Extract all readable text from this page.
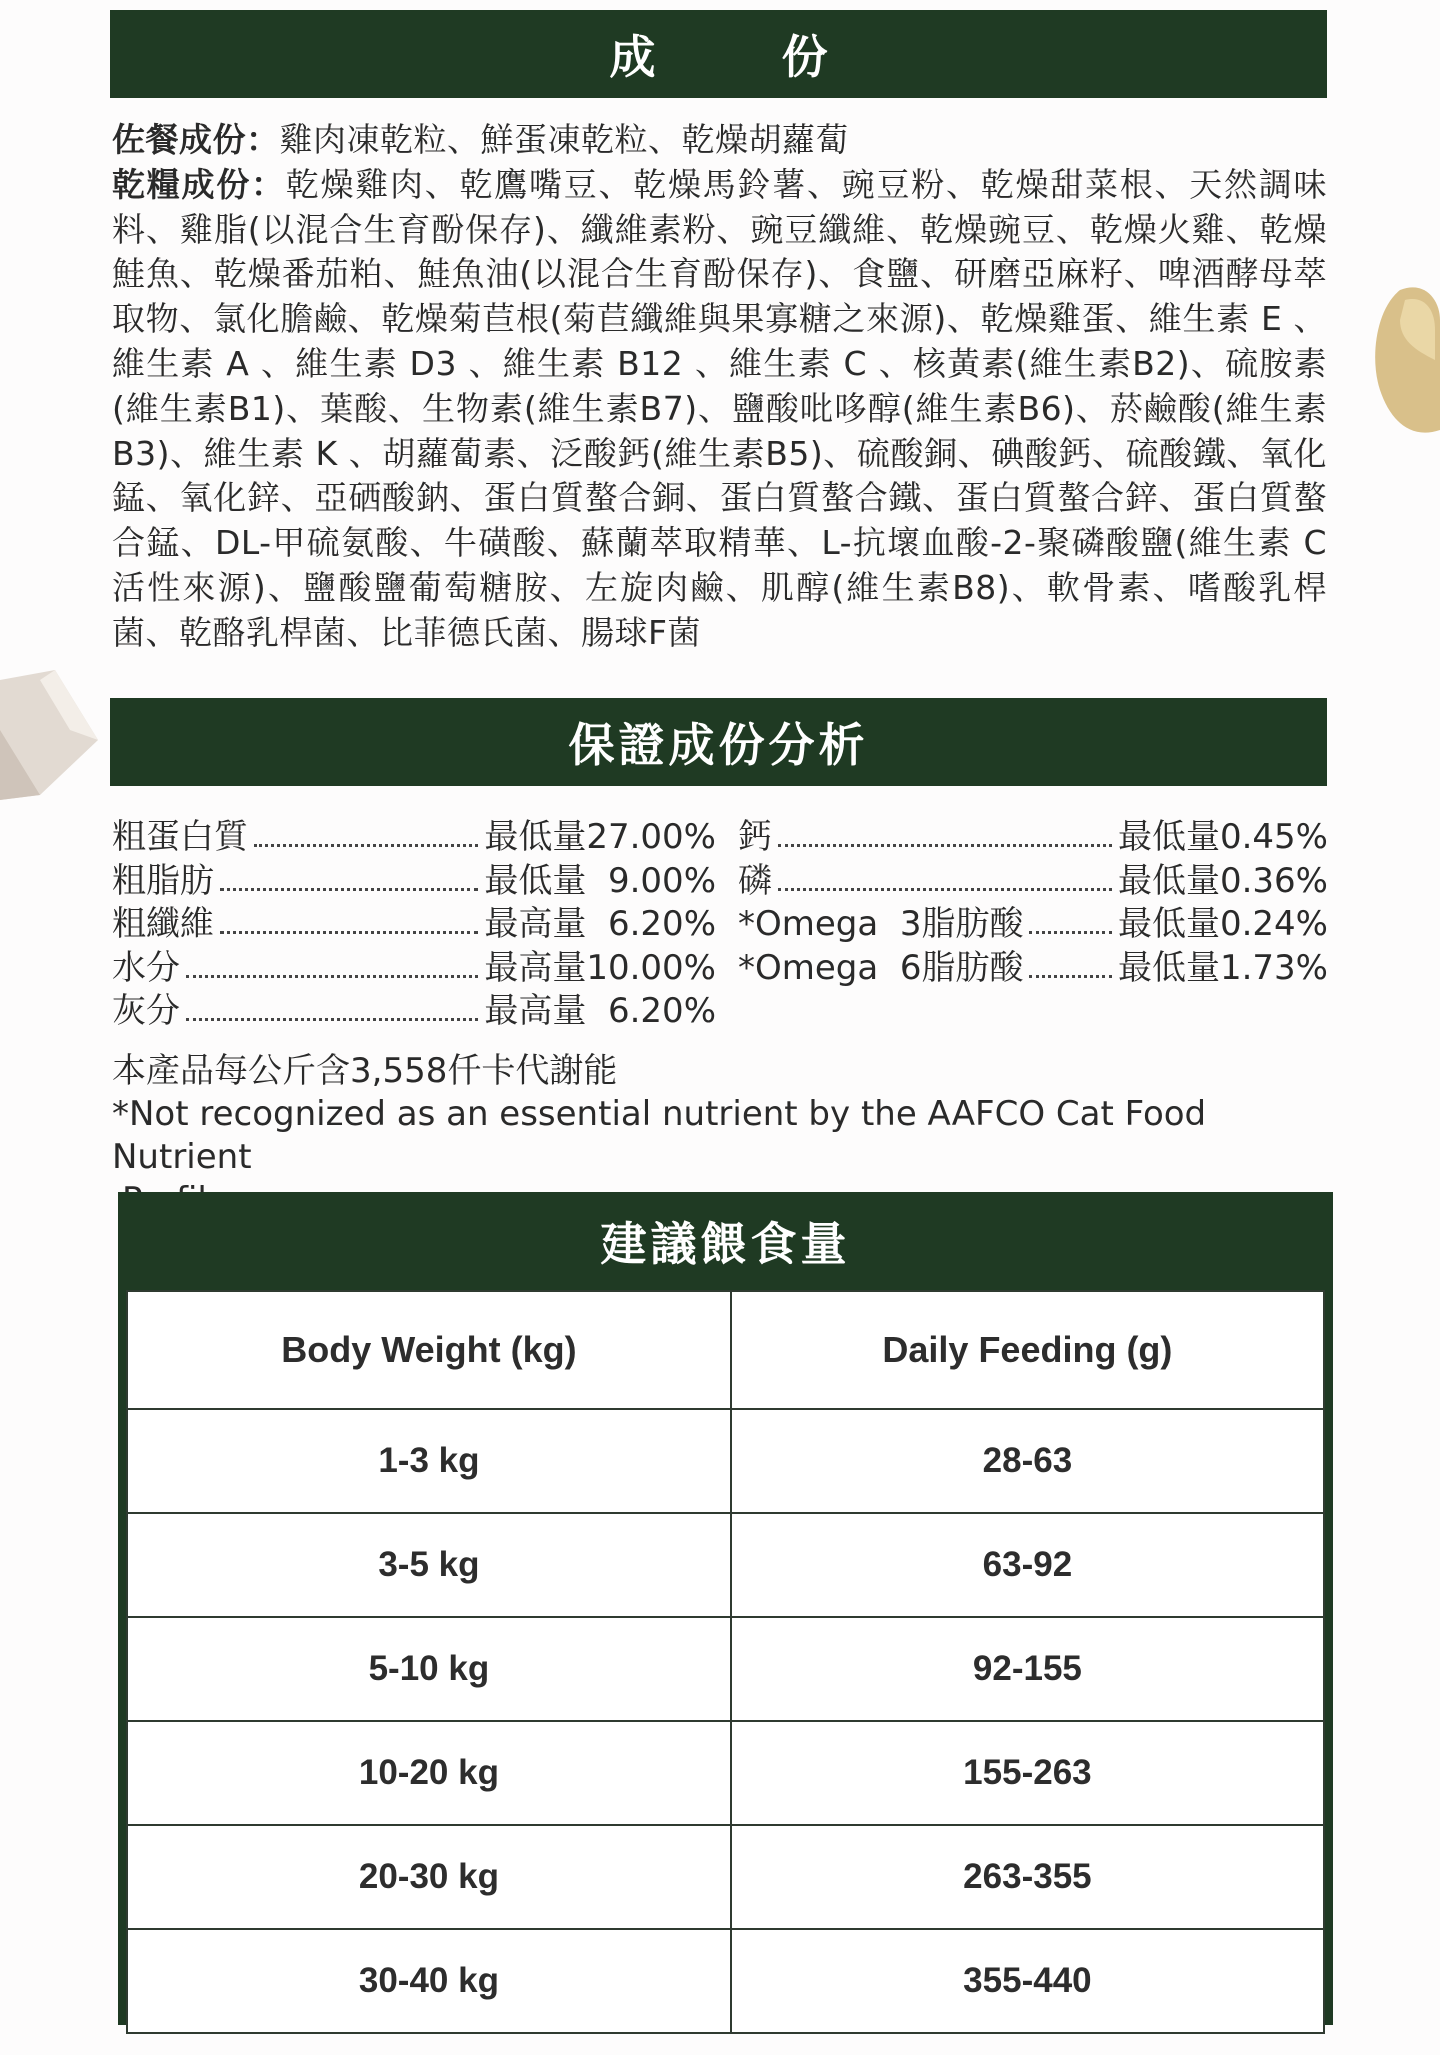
成　份

佐餐成份：雞肉凍乾粒、鮮蛋凍乾粒、乾燥胡蘿蔔

乾糧成份：乾燥雞肉、乾鷹嘴豆、乾燥馬鈴薯、豌豆粉、乾燥甜菜根、天然調味料、雞脂(以混合生育酚保存)、纖維素粉、豌豆纖維、乾燥豌豆、乾燥火雞、乾燥鮭魚、乾燥番茄粕、鮭魚油(以混合生育酚保存)、食鹽、研磨亞麻籽、啤酒酵母萃取物、氯化膽鹼、乾燥菊苣根(菊苣纖維與果寡糖之來源)、乾燥雞蛋、維生素 E 、維生素 A 、維生素 D3 、維生素 B12 、維生素 C 、核黃素(維生素B2)、硫胺素(維生素B1)、葉酸、生物素(維生素B7)、鹽酸吡哆醇(維生素B6)、菸鹼酸(維生素B3)、維生素 K 、胡蘿蔔素、泛酸鈣(維生素B5)、硫酸銅、碘酸鈣、硫酸鐵、氧化錳、氧化鋅、亞硒酸鈉、蛋白質螯合銅、蛋白質螯合鐵、蛋白質螯合鋅、蛋白質螯合錳、DL-甲硫氨酸、牛磺酸、蘇蘭萃取精華、L-抗壞血酸-2-聚磷酸鹽(維生素 C 活性來源)、鹽酸鹽葡萄糖胺、左旋肉鹼、肌醇(維生素B8)、軟骨素、嗜酸乳桿菌、乾酪乳桿菌、比菲德氏菌、腸球F菌

保證成份分析
粗蛋白質	最低量27.00%
粗脂肪	最低量  9.00%
粗纖維	最高量  6.20%
水分	最高量10.00%
灰分	最高量  6.20%
鈣	最低量0.45%
磷	最低量0.36%
*Omega  3脂肪酸	最低量0.24%
*Omega  6脂肪酸	最低量1.73%

本產品每公斤含3,558仟卡代謝能

*Not recognized as an essential nutrient by the AAFCO Cat Food Nutrient

建議餵食量
Body Weight (kg)	Daily Feeding (g)
1-3 kg	28-63
3-5 kg	63-92
5-10 kg	92-155
10-20 kg	155-263
20-30 kg	263-355
30-40 kg	355-440
